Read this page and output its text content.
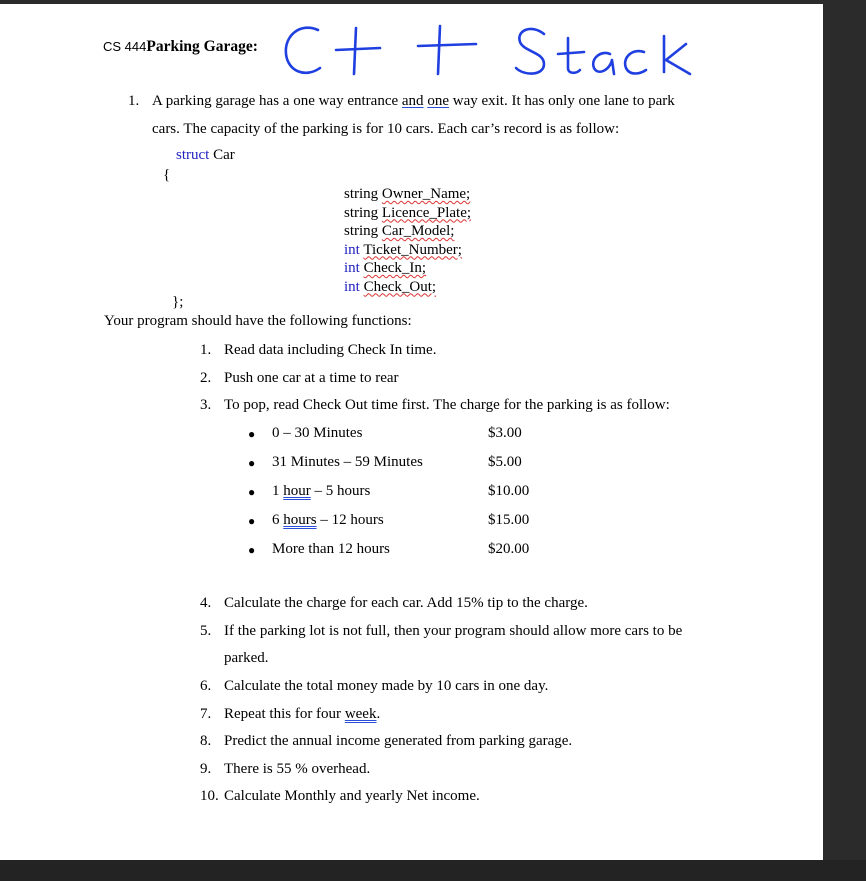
CS 444Parking Garage:
1. A parking garage has a one way entrance and one way exit. It has only one lane to park
cars. The capacity of the parking is for 10 cars. Each car’s record is as follow:
struct Car
{
string Owner_Name;
string Licence_Plate;
string Car_Model;
int Ticket_Number;
int Check_In;
int Check_Out;
};
Your program should have the following functions:
1. Read data including Check In time.
2. Push one car at a time to rear
3. To pop, read Check Out time first. The charge for the parking is as follow:
● 0 – 30 Minutes	$3.00
● 31 Minutes – 59 Minutes	$5.00
● 1 hour – 5 hours	$10.00
● 6 hours – 12 hours	$15.00
● More than 12 hours	$20.00
4. Calculate the charge for each car. Add 15% tip to the charge.
5. If the parking lot is not full, then your program should allow more cars to be
parked.
6. Calculate the total money made by 10 cars in one day.
7. Repeat this for four week.
8. Predict the annual income generated from parking garage.
9. There is 55 % overhead.
10. Calculate Monthly and yearly Net income.
